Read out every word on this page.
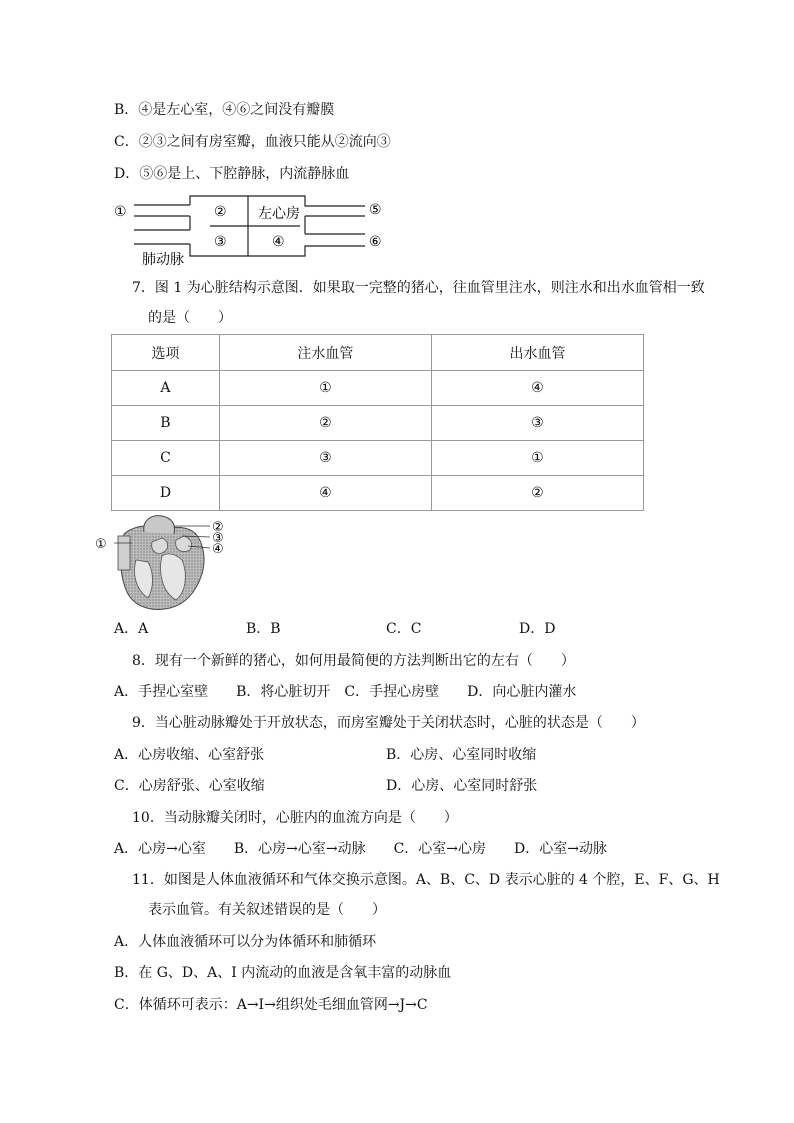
B．④是左心室，④⑥之间没有瓣膜
C．②③之间有房室瓣，血液只能从②流向③
D．⑤⑥是上、下腔静脉，内流静脉血
①	② 左心房
③	④
⑤
⑥
肺动脉
7．图 1 为心脏结构示意图．如果取一完整的猪心，往血管里注水，则注水和出水血管相一致
的是（　　）
选项	注水血管	出水血管
A	①	④
B	②	③
C	③	①
D	④	②
①
②
③
④
A．A	B．B	C．C	D．D
8．现有一个新鲜的猪心，如何用最简便的方法判断出它的左右（　　）
A．手捏心室壁　　B．将心脏切开　C．手捏心房壁　　D．向心脏内灌水
9．当心脏动脉瓣处于开放状态，而房室瓣处于关闭状态时，心脏的状态是（　　）
A．心房收缩、心室舒张	B．心房、心室同时收缩
C．心房舒张、心室收缩	D．心房、心室同时舒张
10．当动脉瓣关闭时，心脏内的血流方向是（　　）
A．心房→心室　　B．心房→心室→动脉　　C．心室→心房　　D．心室→动脉
11．如图是人体血液循环和气体交换示意图。A、B、C、D 表示心脏的 4 个腔，E、F、G、H
表示血管。有关叙述错误的是（　　）
A．人体血液循环可以分为体循环和肺循环
B．在 G、D、A、I 内流动的血液是含氧丰富的动脉血
C．体循环可表示：A→I→组织处毛细血管网→J→C
